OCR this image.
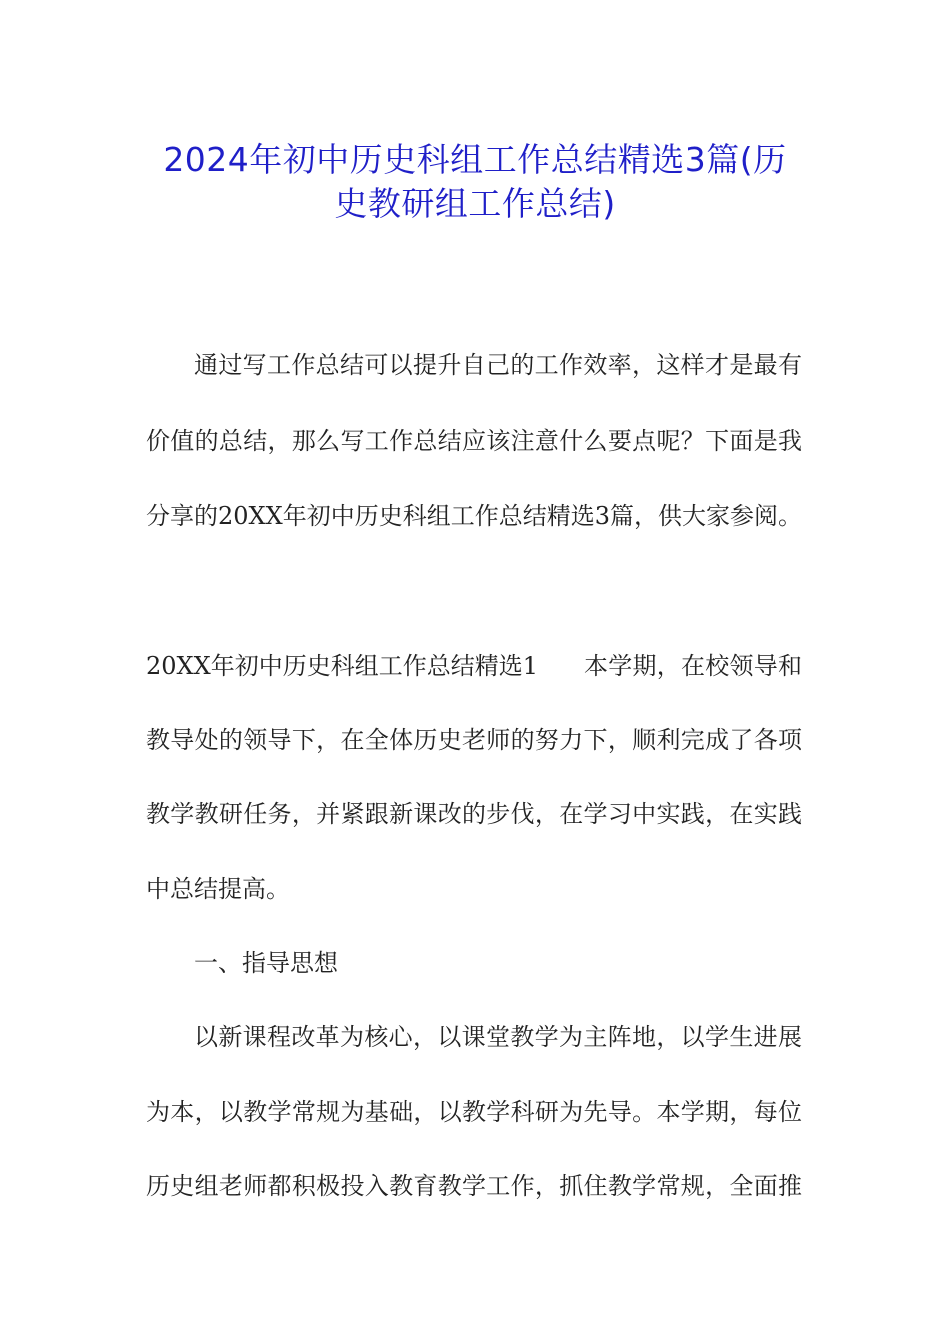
2024年初中历史科组工作总结精选3篇(历
史教研组工作总结)
通过写工作总结可以提升自己的工作效率，这样才是最有
价值的总结，那么写工作总结应该注意什么要点呢？下面是我
分享的20XX年初中历史科组工作总结精选3篇，供大家参阅。
20XX年初中历史科组工作总结精选1 本学期，在校领导和
教导处的领导下，在全体历史老师的努力下，顺利完成了各项
教学教研任务，并紧跟新课改的步伐，在学习中实践，在实践
中总结提高。
一、指导思想
以新课程改革为核心，以课堂教学为主阵地，以学生进展
为本，以教学常规为基础，以教学科研为先导。本学期，每位
历史组老师都积极投入教育教学工作，抓住教学常规，全面推
